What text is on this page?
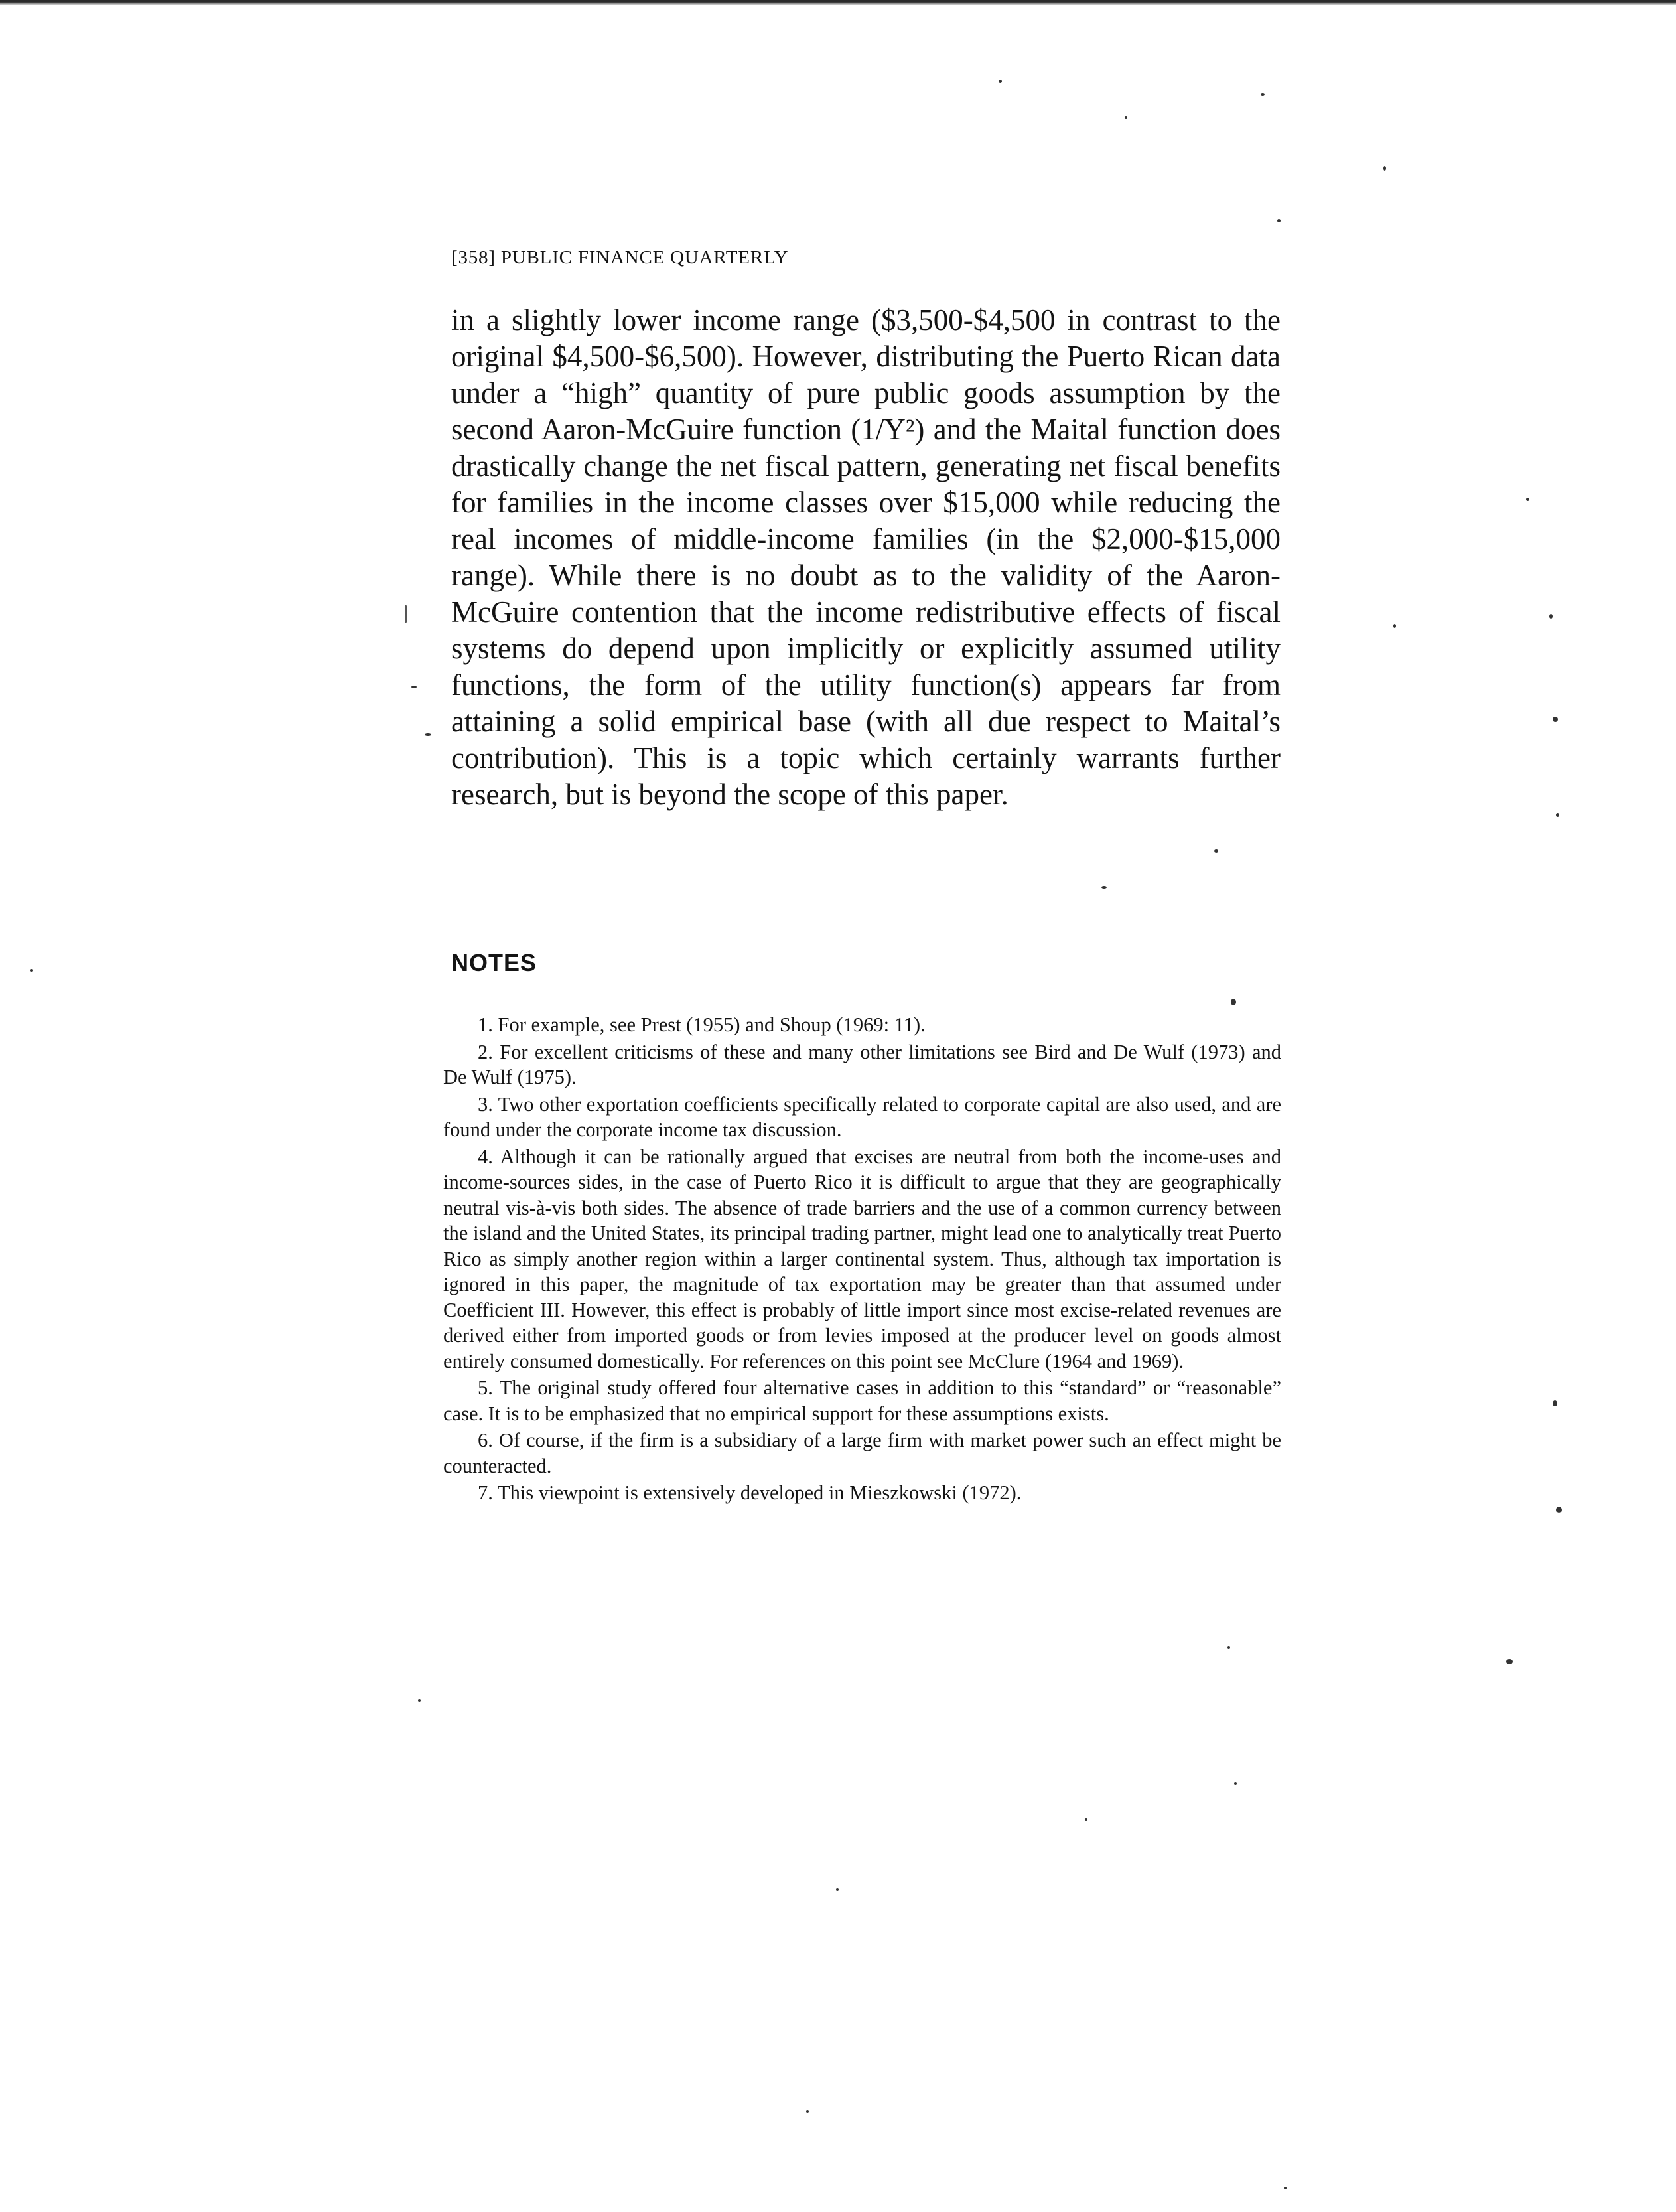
[358] PUBLIC FINANCE QUARTERLY

in a slightly lower income range ($3,500-$4,500 in contrast to the original $4,500-$6,500). However, distributing the Puerto Rican data under a “high” quantity of pure public goods assumption by the second Aaron-McGuire function (1/Y²) and the Maital function does drastically change the net fiscal pattern, generating net fiscal benefits for families in the income classes over $15,000 while reducing the real incomes of middle-income families (in the $2,000-$15,000 range). While there is no doubt as to the validity of the Aaron-McGuire contention that the income redistributive effects of fiscal systems do depend upon implicitly or explicitly assumed utility functions, the form of the utility function(s) appears far from attaining a solid empirical base (with all due respect to Maital’s contribution). This is a topic which certainly warrants further research, but is beyond the scope of this paper.

NOTES
1. For example, see Prest (1955) and Shoup (1969: 11).
2. For excellent criticisms of these and many other limitations see Bird and De Wulf (1973) and De Wulf (1975).
3. Two other exportation coefficients specifically related to corporate capital are also used, and are found under the corporate income tax discussion.
4. Although it can be rationally argued that excises are neutral from both the income-uses and income-sources sides, in the case of Puerto Rico it is difficult to argue that they are geographically neutral vis-à-vis both sides. The absence of trade barriers and the use of a common currency between the island and the United States, its principal trading partner, might lead one to analytically treat Puerto Rico as simply another region within a larger continental system. Thus, although tax importation is ignored in this paper, the magnitude of tax exportation may be greater than that assumed under Coefficient III. However, this effect is probably of little import since most excise-related revenues are derived either from imported goods or from levies imposed at the producer level on goods almost entirely consumed domestically. For references on this point see McClure (1964 and 1969).
5. The original study offered four alternative cases in addition to this “standard” or “reasonable” case. It is to be emphasized that no empirical support for these assumptions exists.
6. Of course, if the firm is a subsidiary of a large firm with market power such an effect might be counteracted.
7. This viewpoint is extensively developed in Mieszkowski (1972).
